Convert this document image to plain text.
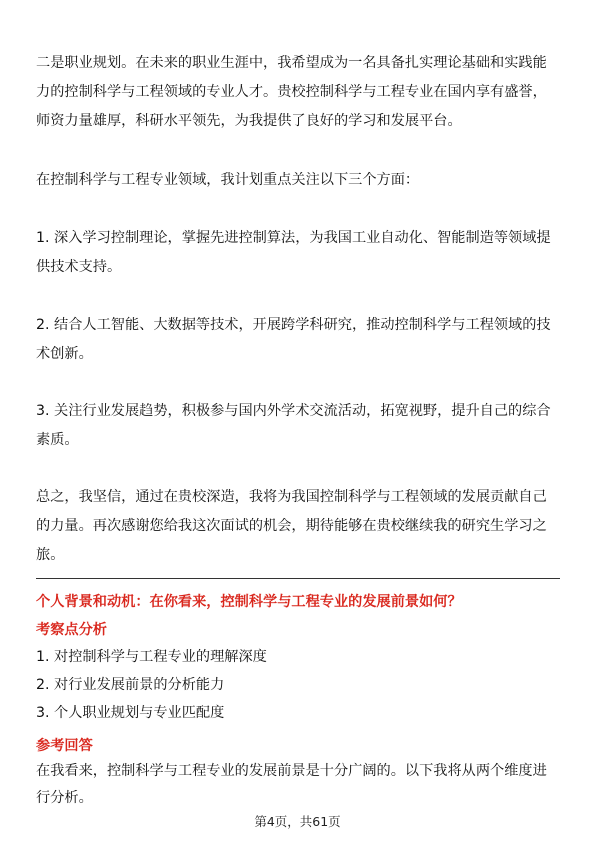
二是职业规划。在未来的职业生涯中，我希望成为一名具备扎实理论基础和实践能力的控制科学与工程领域的专业人才。贵校控制科学与工程专业在国内享有盛誉，师资力量雄厚，科研水平领先，为我提供了良好的学习和发展平台。

在控制科学与工程专业领域，我计划重点关注以下三个方面：

1. 深入学习控制理论，掌握先进控制算法，为我国工业自动化、智能制造等领域提供技术支持。

2. 结合人工智能、大数据等技术，开展跨学科研究，推动控制科学与工程领域的技术创新。

3. 关注行业发展趋势，积极参与国内外学术交流活动，拓宽视野，提升自己的综合素质。

总之，我坚信，通过在贵校深造，我将为我国控制科学与工程领域的发展贡献自己的力量。再次感谢您给我这次面试的机会，期待能够在贵校继续我的研究生学习之旅。

个人背景和动机：在你看来，控制科学与工程专业的发展前景如何？

考察点分析

1. 对控制科学与工程专业的理解深度

2. 对行业发展前景的分析能力

3. 个人职业规划与专业匹配度

参考回答

在我看来，控制科学与工程专业的发展前景是十分广阔的。以下我将从两个维度进行分析。

第4页，共61页
